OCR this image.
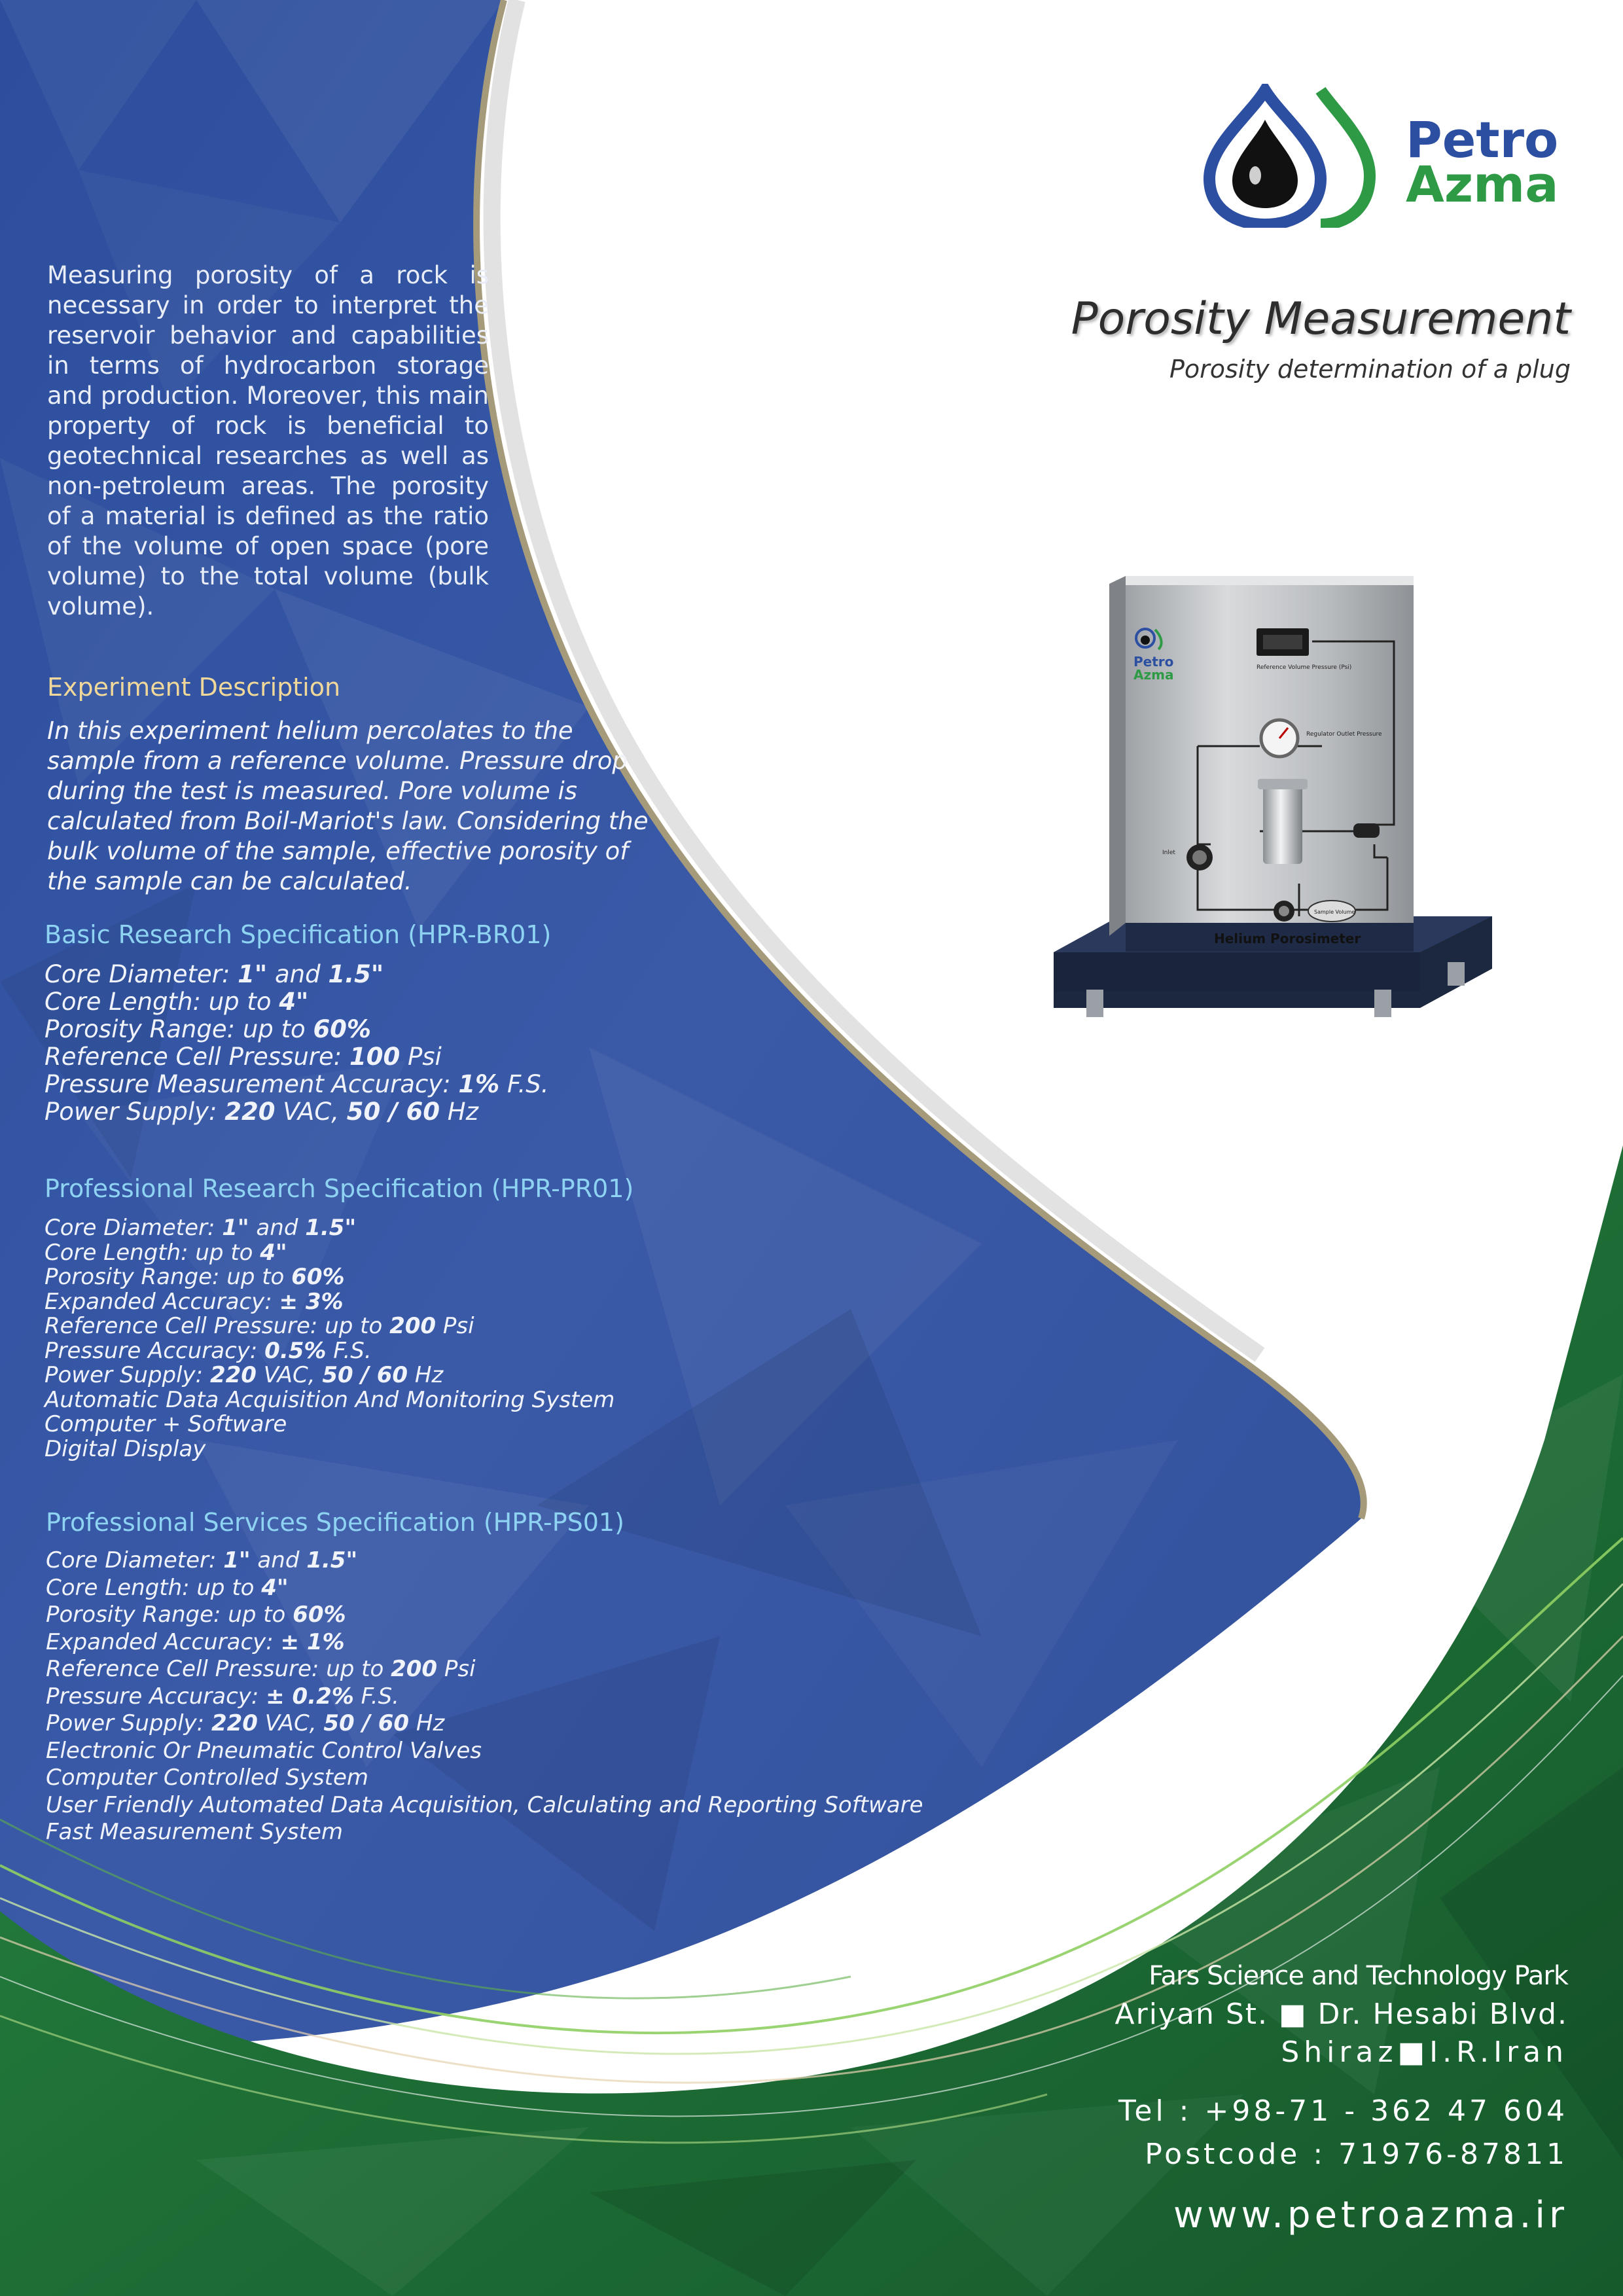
Petro
Azma
Porosity Measurement
Porosity determination of a plug
Measuring porosity of a rock is necessary in order to interpret the reservoir behavior and capabilities in terms of hydrocarbon storage and production. Moreover, this main property of rock is beneficial to geotechnical researches as well as non-petroleum areas. The porosity of a material is defined as the ratio of the volume of open space (pore volume) to the total volume (bulk volume).
Experiment Description
In this experiment helium percolates to the sample from a reference volume. Pressure drop during the test is measured. Pore volume is calculated from Boil-Mariot's law. Considering the bulk volume of the sample, effective porosity of the sample can be calculated.
Basic Research Specification (HPR-BR01)
Core Diameter: 1" and 1.5"
Core Length: up to 4"
Porosity Range: up to 60%
Reference Cell Pressure: 100 Psi
Pressure Measurement Accuracy: 1% F.S.
Power Supply: 220 VAC, 50 / 60 Hz
Professional Research Specification (HPR-PR01)
Core Diameter: 1" and 1.5"
Core Length: up to 4"
Porosity Range: up to 60%
Expanded Accuracy: ± 3%
Reference Cell Pressure: up to 200 Psi
Pressure Accuracy: 0.5% F.S.
Power Supply: 220 VAC, 50 / 60 Hz
Automatic Data Acquisition And Monitoring System
Computer + Software
Digital Display
Professional Services Specification (HPR-PS01)
Core Diameter: 1" and 1.5"
Core Length: up to 4"
Porosity Range: up to 60%
Expanded Accuracy: ± 1%
Reference Cell Pressure: up to 200 Psi
Pressure Accuracy: ± 0.2% F.S.
Power Supply: 220 VAC, 50 / 60 Hz
Electronic Or Pneumatic Control Valves
Computer Controlled System
User Friendly Automated Data Acquisition, Calculating and Reporting Software
Fast Measurement System
Petro
Azma	Reference Volume Pressure (Psi)
Regulator Outlet Pressure
Inlet
Sample Volume
Helium Porosimeter
Fars Science and Technology Park
Ariyan St. ■ Dr. Hesabi Blvd.
Shiraz■I.R.Iran
Tel : +98-71 - 362 47 604
Postcode : 71976-87811
www.petroazma.ir
